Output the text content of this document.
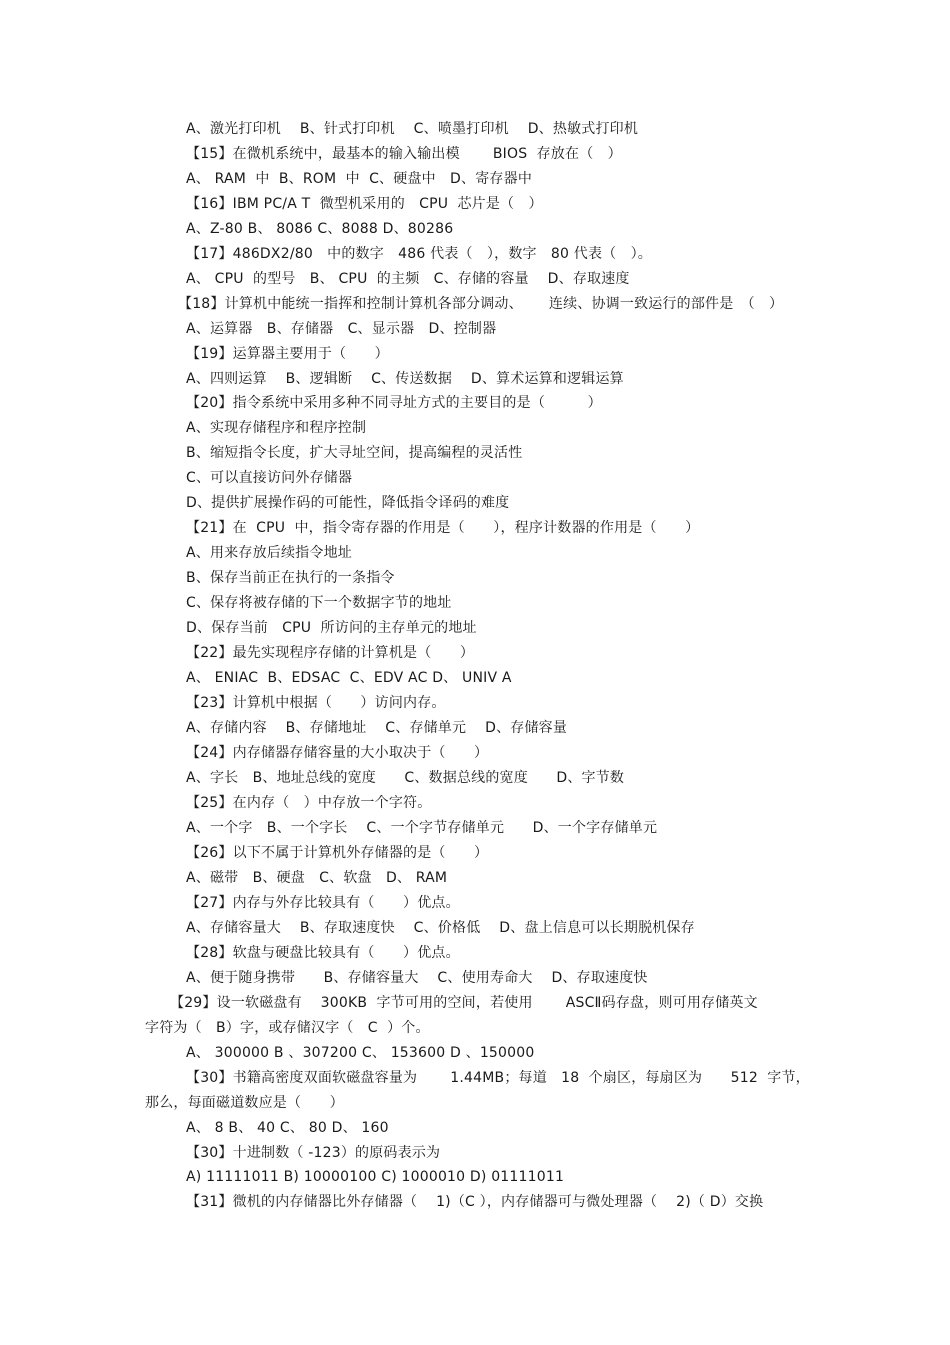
A、激光打印机　 B、针式打印机　 C、喷墨打印机　 D、热敏式打印机
【15】在微机系统中，最基本的输入输出模　　 BIOS  存放在（　）
A、 RAM  中  B、ROM  中  C、硬盘中　D、寄存器中
【16】IBM PC/A T  微型机采用的　CPU  芯片是（　）
A、Z-80 B、 8086 C、8088 D、80286
【17】486DX2/80　中的数字　486 代表（　），数字　80 代表（　）。
A、 CPU  的型号　B、 CPU  的主频　C、存储的容量　 D、存取速度
【18】计算机中能统一指挥和控制计算机各部分调动、　　 连续、协调一致运行的部件是　（　）
A、运算器　B、存储器　C、显示器　D、控制器
【19】运算器主要用于（　　）
A、四则运算　 B、逻辑断　 C、传送数据　 D、算术运算和逻辑运算
【20】指令系统中采用多种不同寻址方式的主要目的是（　　　）
A、实现存储程序和程序控制
B、缩短指令长度，扩大寻址空间，提高编程的灵活性
C、可以直接访问外存储器
D、提供扩展操作码的可能性，降低指令译码的难度
【21】在  CPU  中，指令寄存器的作用是（　　），程序计数器的作用是（　　）
A、用来存放后续指令地址
B、保存当前正在执行的一条指令
C、保存将被存储的下一个数据字节的地址
D、保存当前　CPU  所访问的主存单元的地址
【22】最先实现程序存储的计算机是（　　）
A、 ENIAC  B、EDSAC  C、EDV AC D、 UNIV A
【23】计算机中根据（　　）访问内存。
A、存储内容　 B、存储地址　 C、存储单元　 D、存储容量
【24】内存储器存储容量的大小取决于（　　）
A、字长　B、地址总线的宽度　　C、数据总线的宽度　　D、字节数
【25】在内存（　）中存放一个字符。
A、一个字　B、一个字长　 C、一个字节存储单元　　D、一个字存储单元
【26】以下不属于计算机外存储器的是（　　）
A、磁带　B、硬盘　C、软盘　D、 RAM
【27】内存与外存比较具有（　　）优点。
A、存储容量大　 B、存取速度快　 C、价格低　 D、盘上信息可以长期脱机保存
【28】软盘与硬盘比较具有（　　）优点。
A、便于随身携带　　B、存储容量大　 C、使用寿命大　 D、存取速度快
【29】设一软磁盘有　 300KB  字节可用的空间，若使用　　 ASCⅡ码存盘，则可用存储英文
字符为（　B）字，或存储汉字（　C  ）个。
A、 300000 B 、307200 C、 153600 D 、150000
【30】书籍高密度双面软磁盘容量为　　 1.44MB；每道　18  个扇区，每扇区为　　512  字节，
那么，每面磁道数应是（　　）
A、 8 B、 40 C、 80 D、 160
【30】十进制数（ -123）的原码表示为
A) 11111011 B) 10000100 C) 1000010 D) 01111011
【31】微机的内存储器比外存储器（　 1)（C ），内存储器可与微处理器（　 2)（ D）交换
